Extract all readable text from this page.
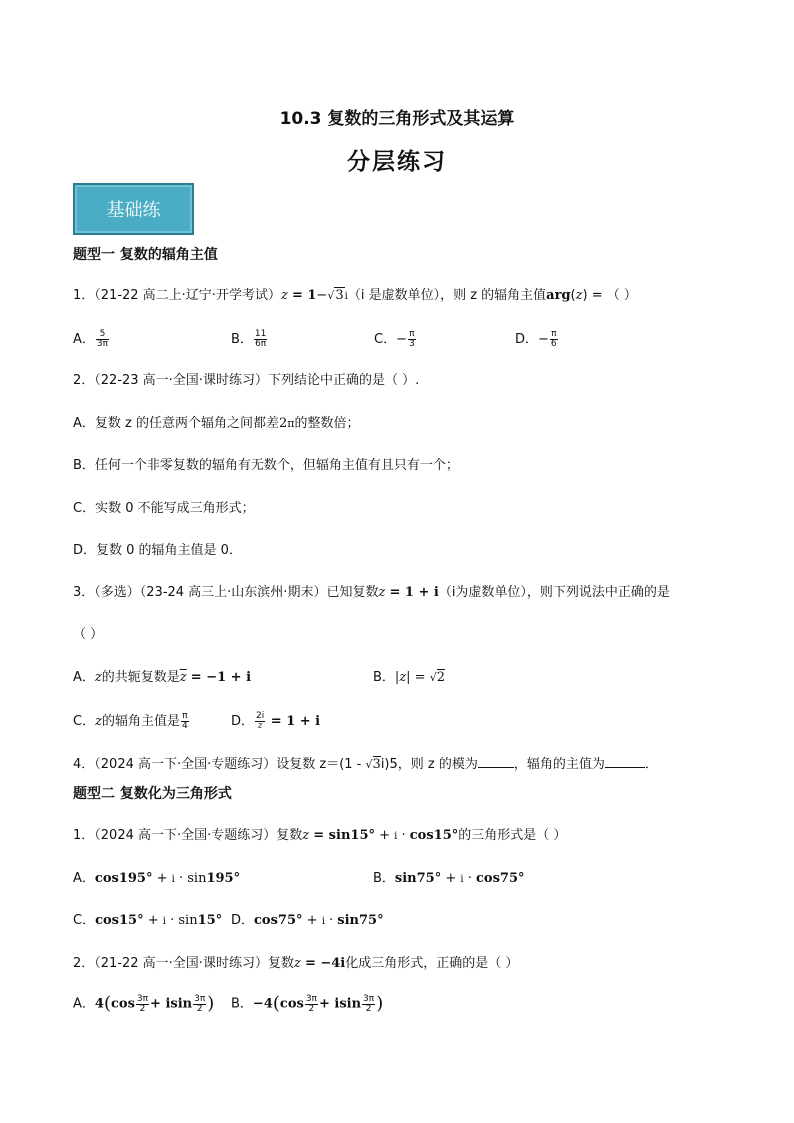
10.3 复数的三角形式及其运算
分层练习
基础练
题型一 复数的辐角主值
1．（21-22 高二上·辽宁·开学考试）z = 1−√3i（i 是虚数单位），则 z 的辐角主值arg(z) = （ ）
A． $\frac{5}{3\pi}$	B． $\frac{11}{6\pi}$	C．− $\frac{\pi}{3}$	D．− $\frac{\pi}{6}$
2．（22-23 高一·全国·课时练习）下列结论中正确的是（ ）.
A．复数 z 的任意两个辐角之间都差2π的整数倍；
B．任何一个非零复数的辐角有无数个，但辐角主值有且只有一个；
C．实数 0 不能写成三角形式；
D．复数 0 的辐角主值是 0．
3．（多选）（23-24 高三上·山东滨州·期末）已知复数z = 1 + i（i为虚数单位），则下列说法中正确的是
（ ）
A．z的共轭复数是$\overline{z} = -1 + i$	B．|z| = √2
C．z的辐角主值是 $\frac{\pi}{4}$	D． $\frac{2i}{z} = 1 + i$
4．（2024 高一下·全国·专题练习）设复数 z＝(1 - √3i)5，则 z 的模为	，辐角的主值为	．
题型二 复数化为三角形式
1．（2024 高一下·全国·专题练习）复数z = sin15° + i · cos15°的三角形式是（ ）
A．cos195° + i · sin195°	B．sin75° + i · cos75°
C．cos15° + i · sin15° D．cos75° + i · sin75°
2．（21-22 高一·全国·课时练习）复数z = −4i化成三角形式，正确的是（ ）
A．$4(\cos \frac{3\pi}{2} + isin \frac{3\pi}{2}$ ) B．$-4(\cos \frac{3\pi}{2} + isin \frac{3\pi}{2}$ )
